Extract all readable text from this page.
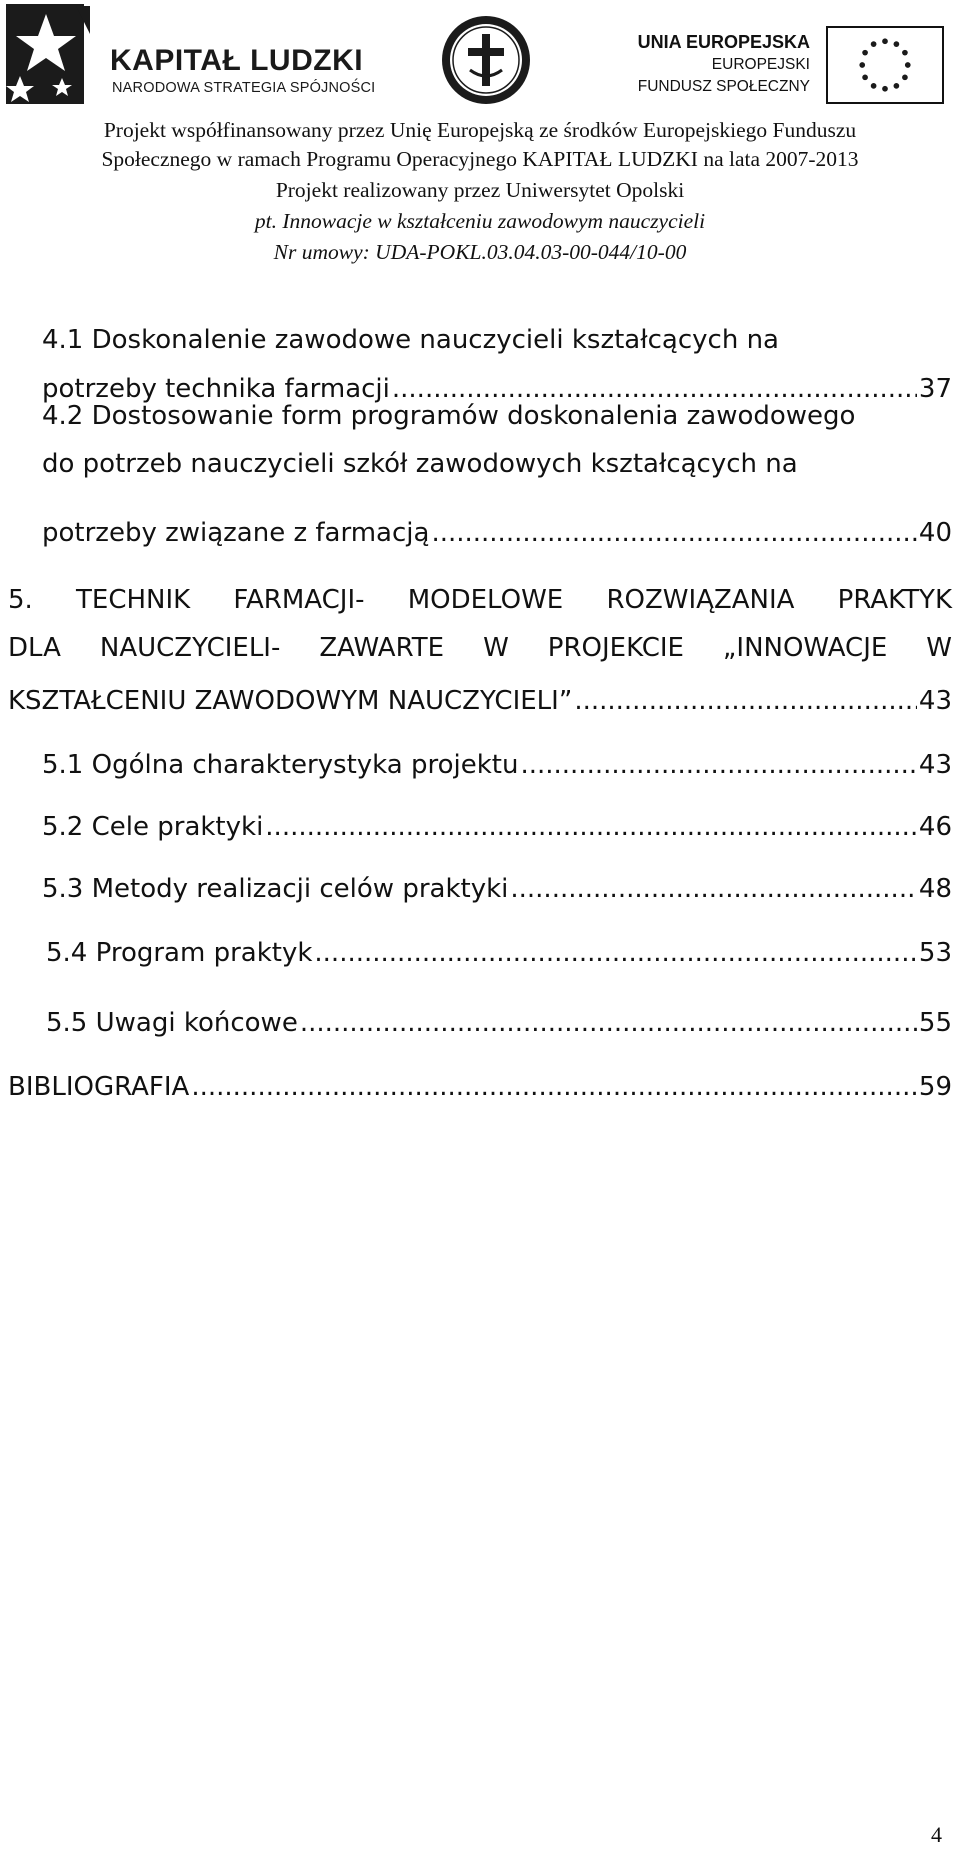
KAPITAŁ LUDZKI
NARODOWA STRATEGIA SPÓJNOŚCI
UNIA EUROPEJSKA
EUROPEJSKI
FUNDUSZ SPOŁECZNY
Projekt współfinansowany przez Unię Europejską ze środków Europejskiego Funduszu
Społecznego w ramach Programu Operacyjnego KAPITAŁ LUDZKI na lata 2007-2013
Projekt realizowany przez Uniwersytet Opolski
pt. Innowacje w kształceniu zawodowym nauczycieli
Nr umowy: UDA-POKL.03.04.03-00-044/10-00
4.1 Doskonalenie zawodowe nauczycieli kształcących na
potrzeby technika farmacji .....	37
4.2 Dostosowanie form programów doskonalenia zawodowego
do potrzeb nauczycieli szkół zawodowych kształcących na
potrzeby związane z farmacją .....	40
5. TECHNIK FARMACJI- MODELOWE ROZWIĄZANIA PRAKTYK
DLA NAUCZYCIELI- ZAWARTE W PROJEKCIE „INNOWACJE W
KSZTAŁCENIU ZAWODOWYM NAUCZYCIELI” .....	43
5.1 Ogólna charakterystyka projektu .....	43
5.2 Cele praktyki .....	46
5.3 Metody realizacji celów praktyki .....	48
5.4 Program praktyk .....	53
5.5 Uwagi końcowe .....	55
BIBLIOGRAFIA .....	59
4
